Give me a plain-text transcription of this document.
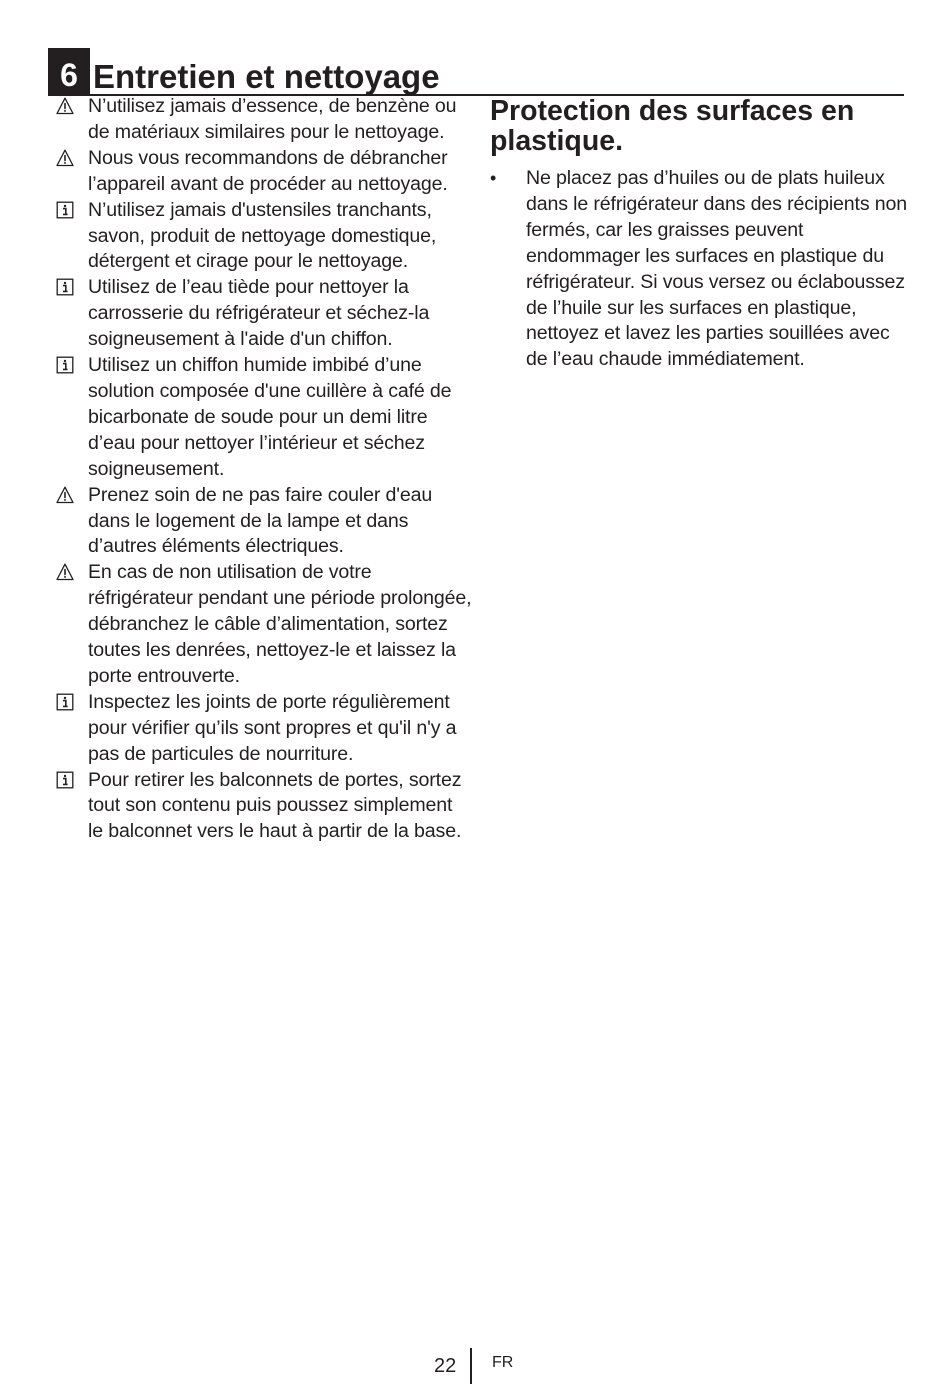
6 Entretien et nettoyage
N’utilisez jamais d’essence, de benzène ou de matériaux similaires pour le nettoyage.
Nous vous recommandons de débrancher l’appareil avant de procéder au nettoyage.
N’utilisez jamais d'ustensiles tranchants, savon, produit de nettoyage domestique, détergent et cirage pour le nettoyage.
Utilisez de l’eau tiède pour nettoyer la carrosserie du réfrigérateur et séchez-la soigneusement à l'aide d'un chiffon.
Utilisez un chiffon humide imbibé d’une solution composée d'une cuillère à café de bicarbonate de soude pour un demi litre d’eau pour nettoyer l’intérieur et séchez soigneusement.
Prenez soin de ne pas faire couler d'eau dans le logement de la lampe et dans d’autres éléments électriques.
En cas de non utilisation de votre réfrigérateur pendant une période prolongée, débranchez le câble d’alimentation, sortez toutes les denrées, nettoyez-le et laissez la porte entrouverte.
Inspectez les joints de porte régulièrement pour vérifier qu’ils sont propres et qu'il n'y a pas de particules de nourriture.
Pour retirer les balconnets de portes, sortez tout son contenu puis poussez simplement le balconnet vers le haut à partir de la base.
Protection des surfaces en plastique.
• Ne placez pas d’huiles ou de plats huileux dans le réfrigérateur dans des récipients non fermés, car les graisses peuvent endommager les surfaces en plastique du réfrigérateur. Si vous versez ou éclaboussez de l’huile sur les surfaces en plastique, nettoyez et lavez les parties souillées avec de l’eau chaude immédiatement.
22 FR
